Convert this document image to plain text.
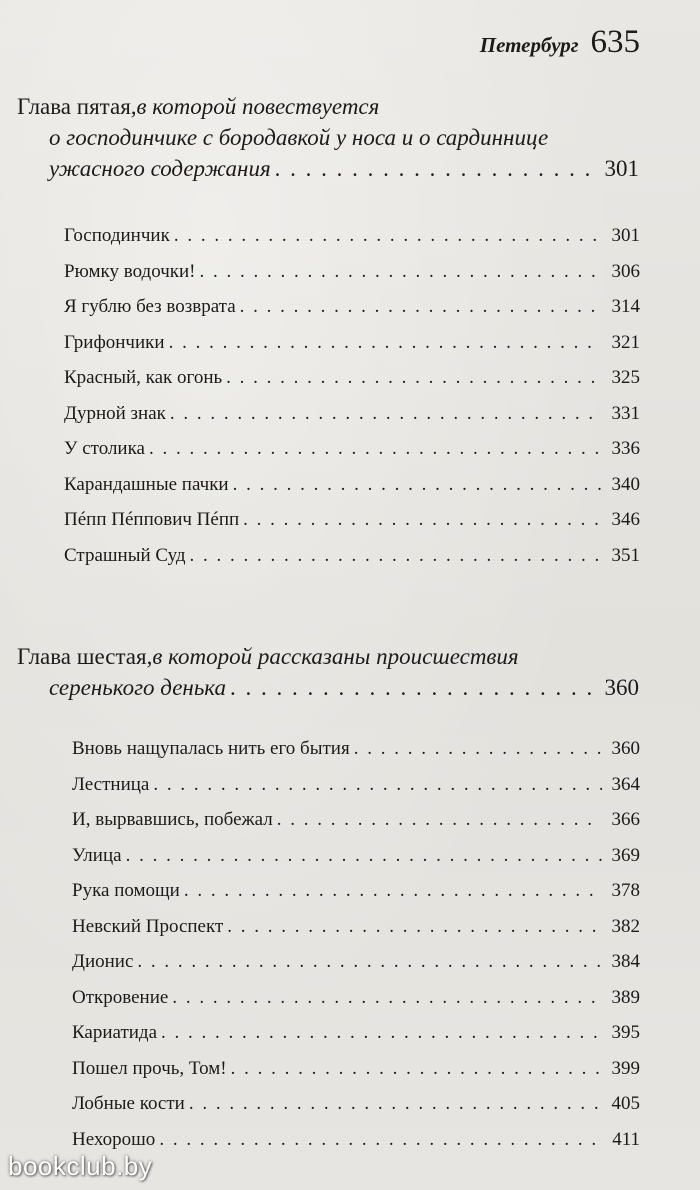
Петербург 635
Глава пятая, в которой повествуется
о господинчике с бородавкой у носа и о сардиннице
ужасного содержания . . .	301
Господинчик . . .	301
Рюмку водочки! . . .	306
Я гублю без возврата . . .	314
Грифончики . . .	321
Красный, как огонь . . .	325
Дурной знак . . .	331
У столика . . .	336
Карандашные пачки . . .	340
Пéпп Пéппович Пéпп . . .	346
Страшный Суд . . .	351
Глава шестая, в которой рассказаны происшествия
серенького денька . . .	360
Вновь нащупалась нить его бытия . . .	360
Лестница . . .	364
И, вырвавшись, побежал . . .	366
Улица . . .	369
Рука помощи . . .	378
Невский Проспект . . .	382
Дионис . . .	384
Откровение . . .	389
Кариатида . . .	395
Пошел прочь, Том! . . .	399
Лобные кости . . .	405
Нехорошо . . .	411
bookclub.by
